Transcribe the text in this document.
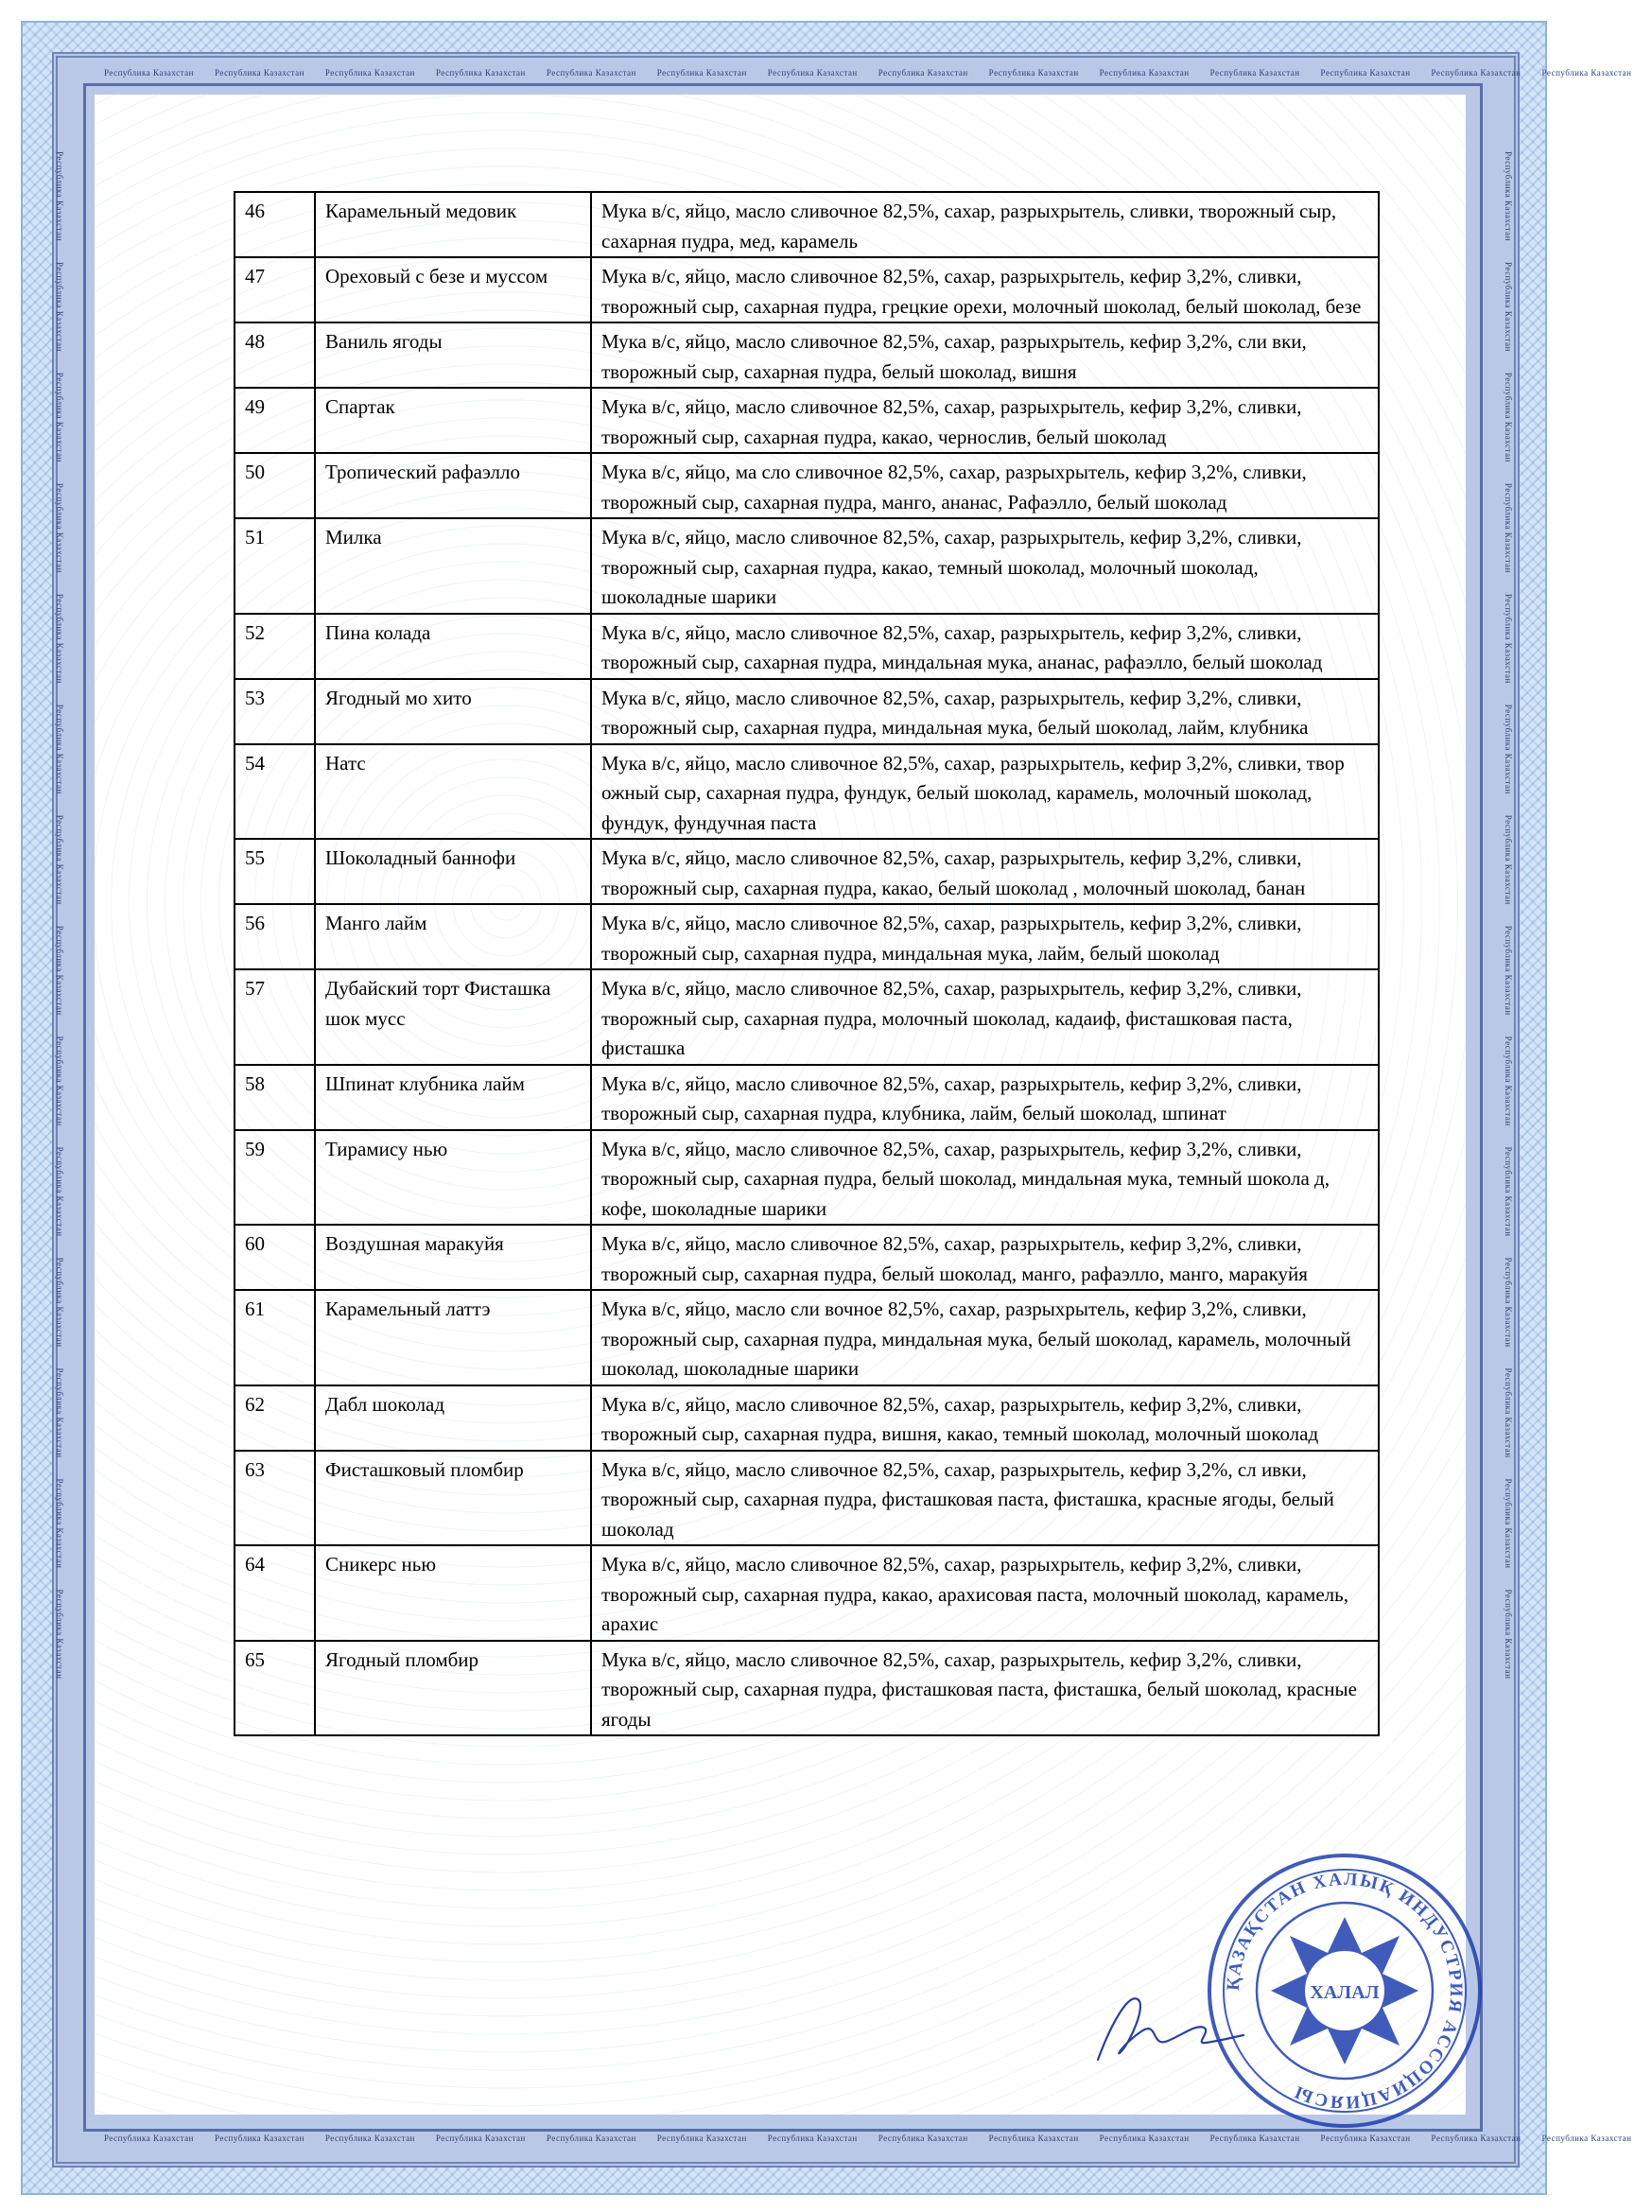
Республика Казахстан        Республика Казахстан        Республика Казахстан        Республика Казахстан        Республика Казахстан        Республика Казахстан        Республика Казахстан        Республика Казахстан        Республика Казахстан        Республика Казахстан        Республика Казахстан        Республика Казахстан        Республика Казахстан        Республика Казахстан
Республика Казахстан        Республика Казахстан        Республика Казахстан        Республика Казахстан        Республика Казахстан        Республика Казахстан        Республика Казахстан        Республика Казахстан        Республика Казахстан        Республика Казахстан        Республика Казахстан        Республика Казахстан        Республика Казахстан        Республика Казахстан
Республика Казахстан        Республика Казахстан        Республика Казахстан        Республика Казахстан        Республика Казахстан        Республика Казахстан        Республика Казахстан        Республика Казахстан        Республика Казахстан        Республика Казахстан        Республика Казахстан        Республика Казахстан        Республика Казахстан        Республика Казахстан	Республика Казахстан        Республика Казахстан        Республика Казахстан        Республика Казахстан        Республика Казахстан        Республика Казахстан        Республика Казахстан        Республика Казахстан        Республика Казахстан        Республика Казахстан        Республика Казахстан        Республика Казахстан        Республика Казахстан        Республика Казахстан
46	Карамельный медовик	Мука в/с, яйцо, масло сливочное 82,5%, сахар, разрыхрытель, сливки, творожный сыр, сахарная пудра, мед, карамель
47	Ореховый с безе и муссом	Мука в/с, яйцо, масло сливочное 82,5%, сахар, разрыхрытель, кефир 3,2%, сливки, творожный сыр, сахарная пудра, грецкие орехи, молочный шоколад, белый шоколад, безе
48	Ваниль ягоды	Мука в/с, яйцо, масло сливочное 82,5%, сахар, разрыхрытель, кефир 3,2%, сли вки, творожный сыр, сахарная пудра, белый шоколад, вишня
49	Спартак	Мука в/с, яйцо, масло сливочное 82,5%, сахар, разрыхрытель, кефир 3,2%, сливки, творожный сыр, сахарная пудра, какао, чернослив, белый шоколад
50	Тропический рафаэлло	Мука в/с, яйцо, ма сло сливочное 82,5%, сахар, разрыхрытель, кефир 3,2%, сливки, творожный сыр, сахарная пудра, манго, ананас, Рафаэлло, белый шоколад
51	Милка	Мука в/с, яйцо, масло сливочное 82,5%, сахар, разрыхрытель, кефир 3,2%, сливки, творожный сыр, сахарная пудра, какао, темный шоколад, молочный шоколад, шоколадные шарики
52	Пина колада	Мука в/с, яйцо, масло сливочное 82,5%, сахар, разрыхрытель, кефир 3,2%, сливки, творожный сыр, сахарная пудра, миндальная мука, ананас, рафаэлло, белый шоколад
53	Ягодный мо хито	Мука в/с, яйцо, масло сливочное 82,5%, сахар, разрыхрытель, кефир 3,2%, сливки, творожный сыр, сахарная пудра, миндальная мука, белый шоколад, лайм, клубника
54	Натс	Мука в/с, яйцо, масло сливочное 82,5%, сахар, разрыхрытель, кефир 3,2%, сливки, твор ожный сыр, сахарная пудра, фундук, белый шоколад, карамель, молочный шоколад, фундук, фундучная паста
55	Шоколадный баннофи	Мука в/с, яйцо, масло сливочное 82,5%, сахар, разрыхрытель, кефир 3,2%, сливки, творожный сыр, сахарная пудра, какао, белый шоколад , молочный шоколад, банан
56	Манго лайм	Мука в/с, яйцо, масло сливочное 82,5%, сахар, разрыхрытель, кефир 3,2%, сливки, творожный сыр, сахарная пудра, миндальная мука, лайм, белый шоколад
57	Дубайский торт Фисташка шок мусс	Мука в/с, яйцо, масло сливочное 82,5%, сахар, разрыхрытель, кефир 3,2%, сливки, творожный сыр, сахарная пудра, молочный шоколад, кадаиф, фисташковая паста, фисташка
58	Шпинат клубника лайм	Мука в/с, яйцо, масло сливочное 82,5%, сахар, разрыхрытель, кефир 3,2%, сливки, творожный сыр, сахарная пудра, клубника, лайм, белый шоколад, шпинат
59	Тирамису нью	Мука в/с, яйцо, масло сливочное 82,5%, сахар, разрыхрытель, кефир 3,2%, сливки, творожный сыр, сахарная пудра, белый шоколад, миндальная мука, темный шокола д, кофе, шоколадные шарики
60	Воздушная маракуйя	Мука в/с, яйцо, масло сливочное 82,5%, сахар, разрыхрытель, кефир 3,2%, сливки, творожный сыр, сахарная пудра, белый шоколад, манго, рафаэлло, манго, маракуйя
61	Карамельный латтэ	Мука в/с, яйцо, масло сли вочное 82,5%, сахар, разрыхрытель, кефир 3,2%, сливки, творожный сыр, сахарная пудра, миндальная мука, белый шоколад, карамель, молочный шоколад, шоколадные шарики
62	Дабл шоколад	Мука в/с, яйцо, масло сливочное 82,5%, сахар, разрыхрытель, кефир 3,2%, сливки, творожный сыр, сахарная пудра, вишня, какао, темный шоколад, молочный шоколад
63	Фисташковый пломбир	Мука в/с, яйцо, масло сливочное 82,5%, сахар, разрыхрытель, кефир 3,2%, сл ивки, творожный сыр, сахарная пудра, фисташковая паста, фисташка, красные ягоды, белый шоколад
64	Сникерс нью	Мука в/с, яйцо, масло сливочное 82,5%, сахар, разрыхрытель, кефир 3,2%, сливки, творожный сыр, сахарная пудра, какао, арахисовая паста, молочный шоколад, карамель, арахис
65	Ягодный пломбир	Мука в/с, яйцо, масло сливочное 82,5%, сахар, разрыхрытель, кефир 3,2%, сливки, творожный сыр, сахарная пудра, фисташковая паста, фисташка, белый шоколад, красные ягоды
ҚАЗАҚСТАН ХАЛЫҚ ИНДУСТРИЯ АССОЦИАЦИЯСЫ
ХАЛАЛ
